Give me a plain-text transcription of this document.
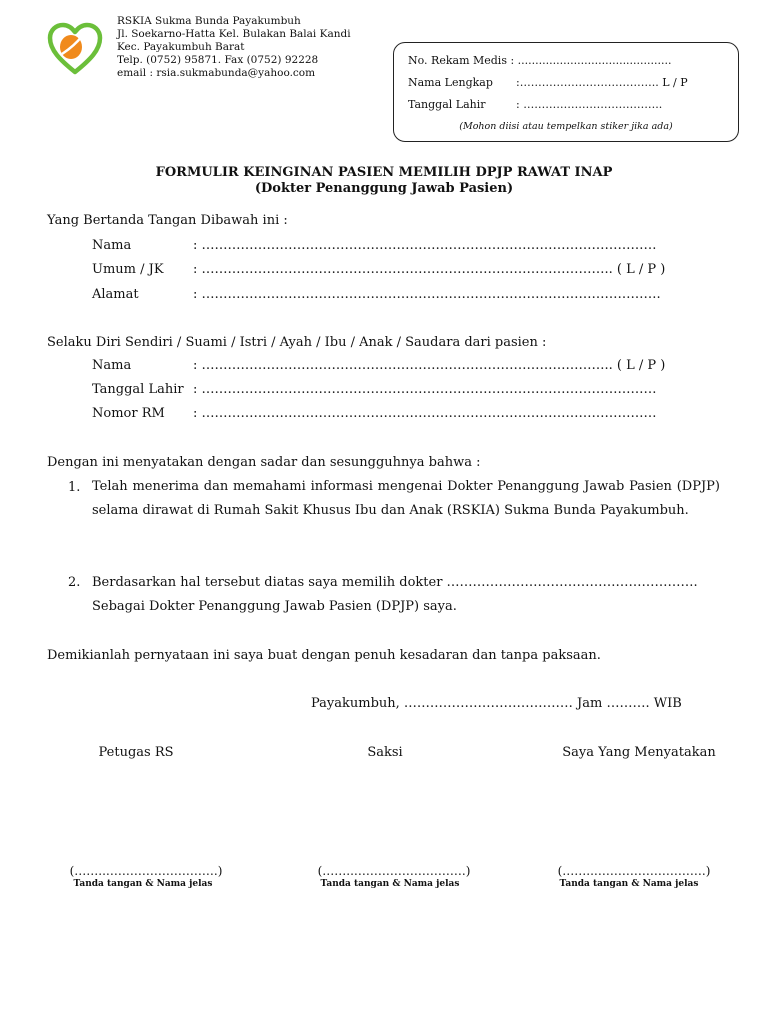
RSKIA Sukma Bunda Payakumbuh
Jl. Soekarno-Hatta Kel. Bulakan Balai Kandi
Kec. Payakumbuh Barat
Telp. (0752) 95871. Fax (0752) 92228
email : rsia.sukmabunda@yahoo.com
No. Rekam Medis : ............................................
Nama Lengkap :……………………………….. L / P
Tanggal Lahir	: ………………………………..
(Mohon diisi atau tempelkan stiker jika ada)
FORMULIR KEINGINAN PASIEN MEMILIH DPJP RAWAT INAP
(Dokter Penanggung Jawab Pasien)
Yang Bertanda Tangan Dibawah ini :
Nama	: ……………………………………………………………………………………………
Umum / JK : ………………………………………………………………………………….. ( L / P )
Alamat	: …………………………………………………………………………………………….
Selaku Diri Sendiri / Suami / Istri / Ayah / Ibu / Anak / Saudara dari pasien :
Nama	: ………………………………………………………………………………….. ( L / P )
Tanggal Lahir : ……………………………………………………………………………………………
Nomor RM : ……………………………………………………………………………………………
Dengan ini menyatakan dengan sadar dan sesungguhnya bahwa :
1. Telah menerima dan memahami informasi mengenai Dokter Penanggung Jawab Pasien (DPJP) selama dirawat di Rumah Sakit Khusus Ibu dan Anak (RSKIA) Sukma Bunda Payakumbuh.
2. Berdasarkan hal tersebut diatas saya memilih dokter ………………………………………………….
Sebagai Dokter Penanggung Jawab Pasien (DPJP) saya.
Demikianlah pernyataan ini saya buat dengan penuh kesadaran dan tanpa paksaan.
Payakumbuh, ………………………………… Jam ………. WIB
Petugas RS	Saksi	Saya Yang Menyatakan
(……..……………………….)	(……..……………………….)	(……..……………………….)
Tanda tangan & Nama jelas	Tanda tangan & Nama jelas	Tanda tangan & Nama jelas
